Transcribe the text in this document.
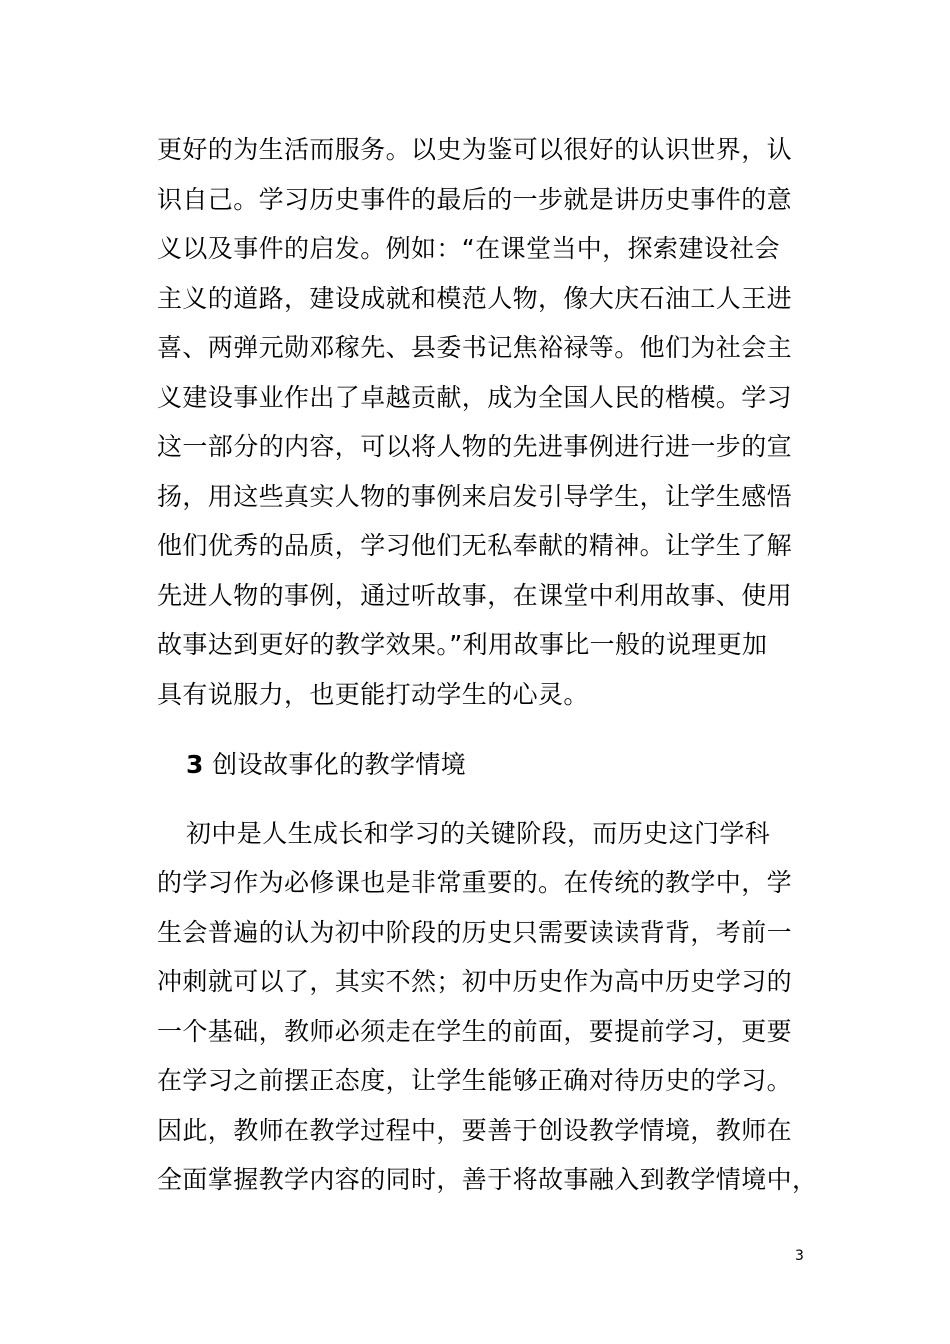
更好的为生活而服务。以史为鉴可以很好的认识世界，认
识自己。学习历史事件的最后的一步就是讲历史事件的意
义以及事件的启发。例如：“在课堂当中，探索建设社会
主义的道路，建设成就和模范人物，像大庆石油工人王进
喜、两弹元勋邓稼先、县委书记焦裕禄等。他们为社会主
义建设事业作出了卓越贡献，成为全国人民的楷模。学习
这一部分的内容，可以将人物的先进事例进行进一步的宣
扬，用这些真实人物的事例来启发引导学生，让学生感悟
他们优秀的品质，学习他们无私奉献的精神。让学生了解
先进人物的事例，通过听故事，在课堂中利用故事、使用
故事达到更好的教学效果。”利用故事比一般的说理更加
具有说服力，也更能打动学生的心灵。
3 创设故事化的教学情境
初中是人生成长和学习的关键阶段，而历史这门学科
的学习作为必修课也是非常重要的。在传统的教学中，学
生会普遍的认为初中阶段的历史只需要读读背背，考前一
冲刺就可以了，其实不然；初中历史作为高中历史学习的
一个基础，教师必须走在学生的前面，要提前学习，更要
在学习之前摆正态度，让学生能够正确对待历史的学习。
因此，教师在教学过程中，要善于创设教学情境，教师在
全面掌握教学内容的同时，善于将故事融入到教学情境中，
3
